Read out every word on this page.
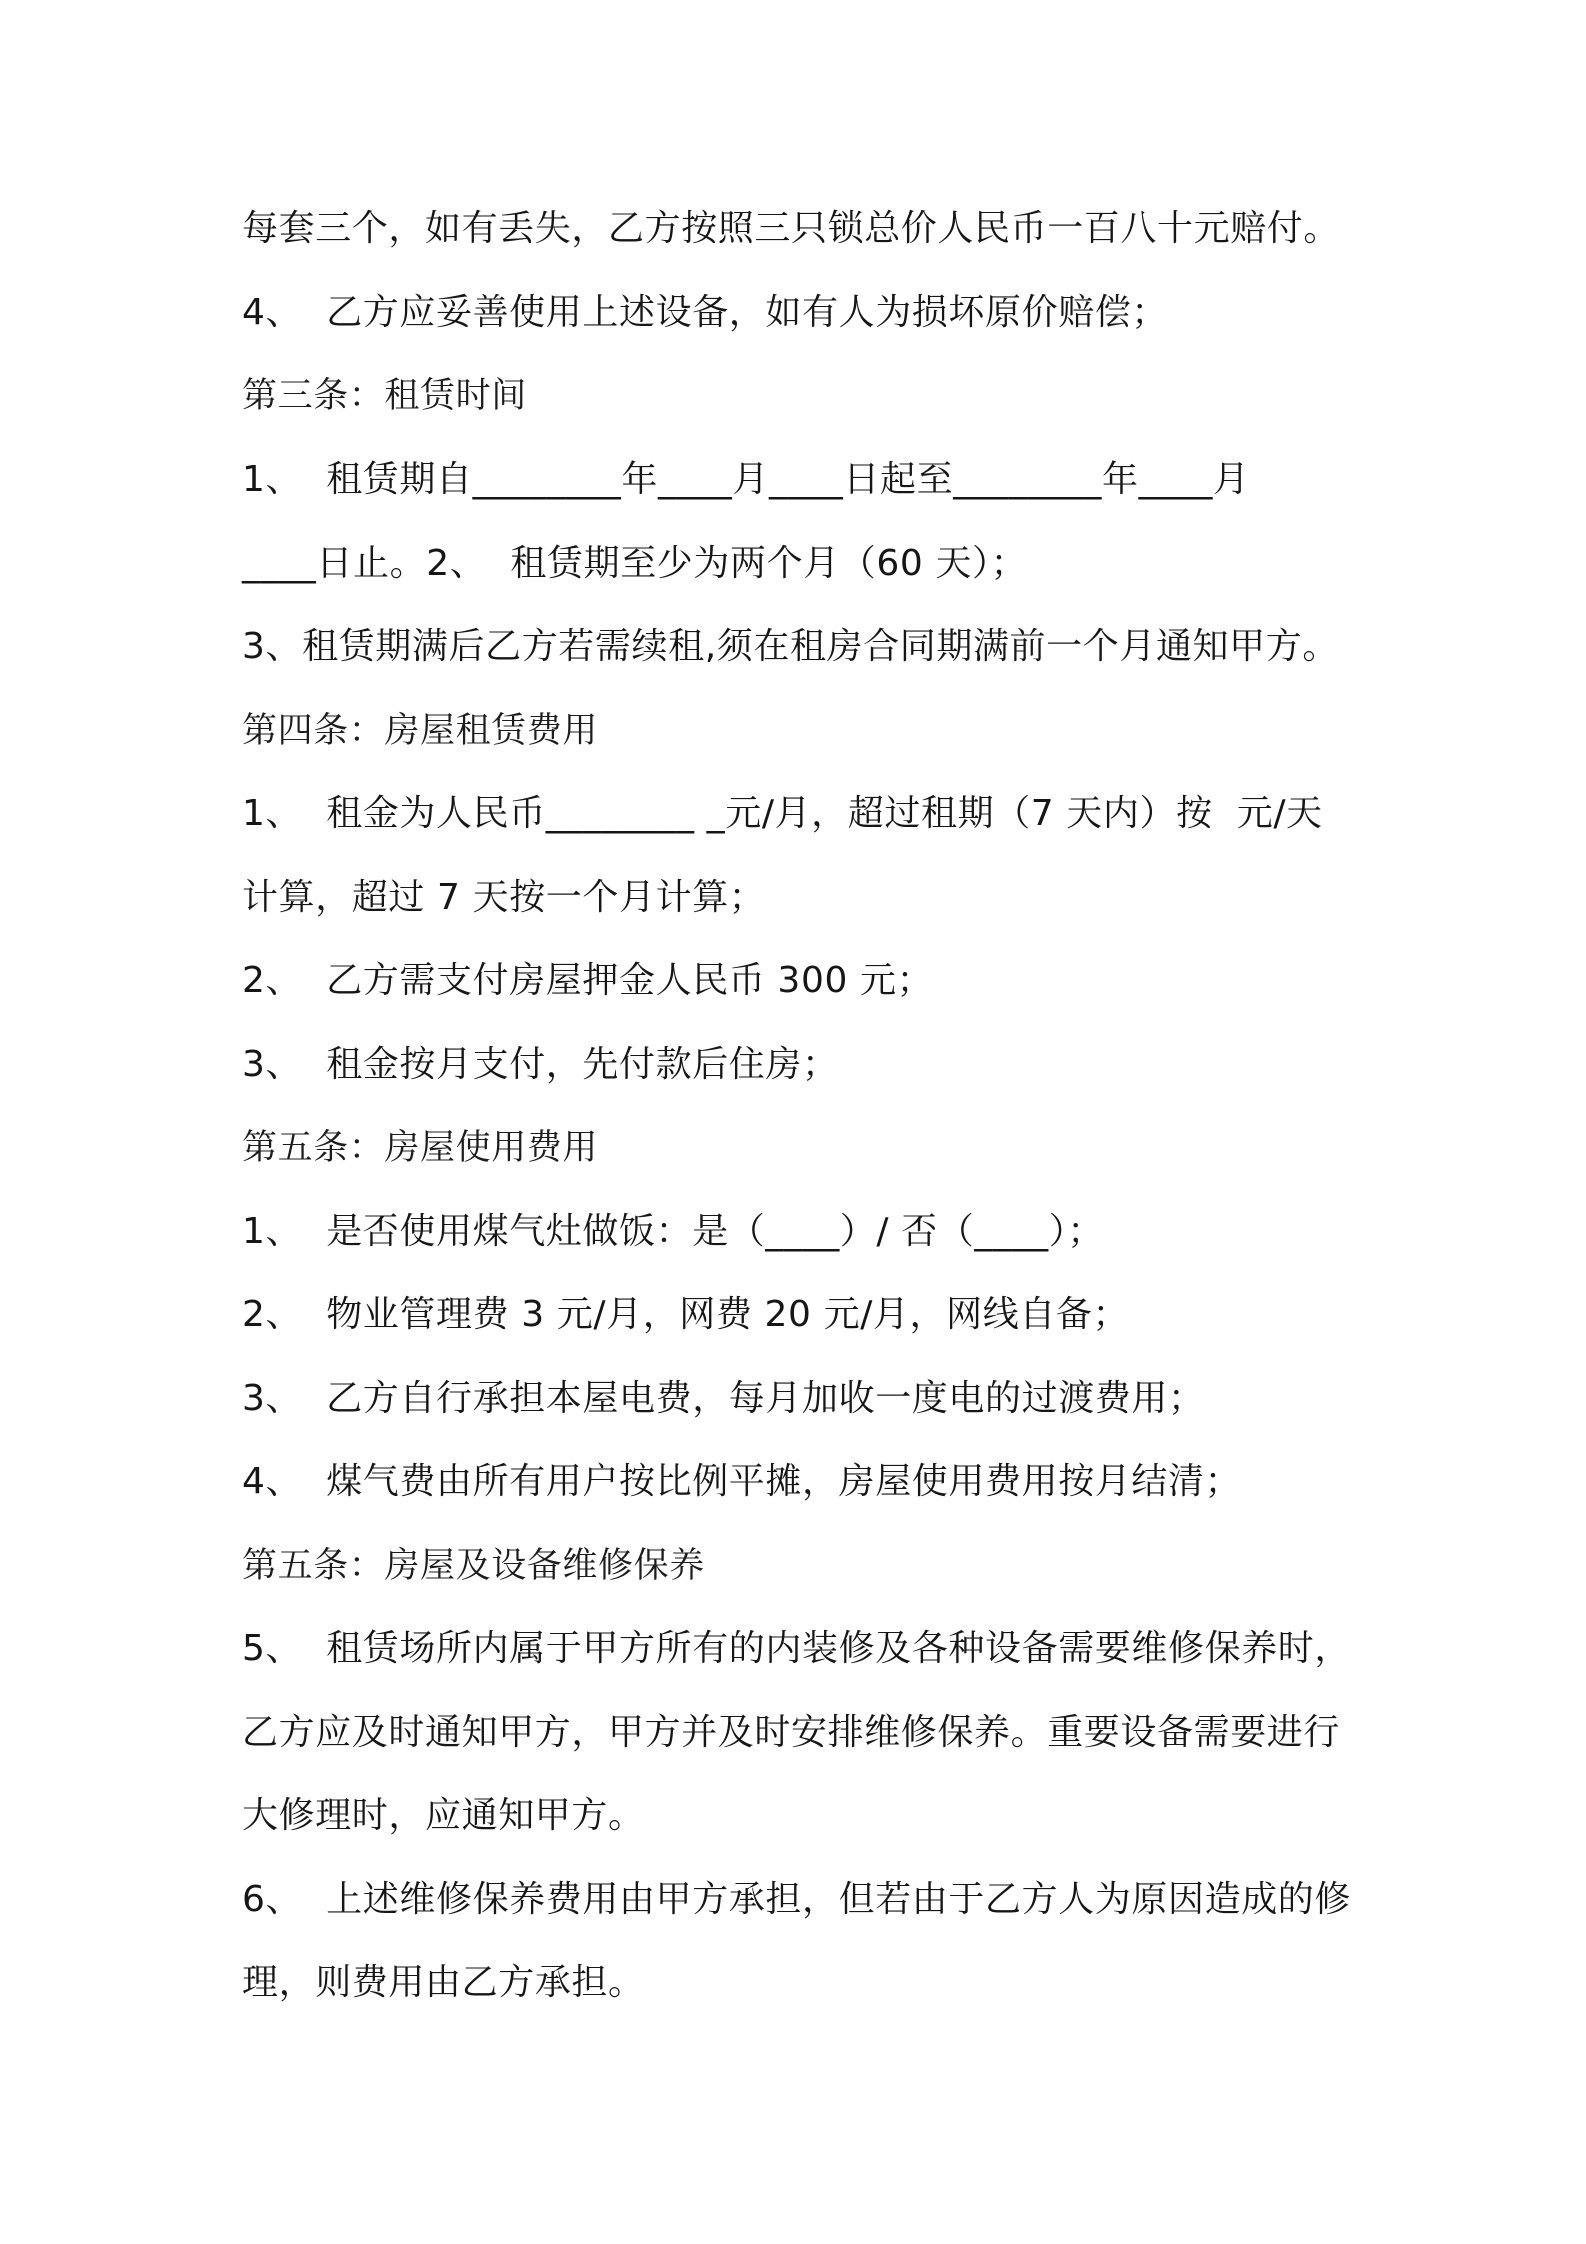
每套三个，如有丢失，乙方按照三只锁总价人民币一百八十元赔付。

4、  乙方应妥善使用上述设备，如有人为损坏原价赔偿；

第三条：租赁时间

1、  租赁期自________年____月____日起至________年____月

____日止。2、  租赁期至少为两个月（60 天）；

3、租赁期满后乙方若需续租,须在租房合同期满前一个月通知甲方。

第四条：房屋租赁费用

1、  租金为人民币________ _元/月，超过租期（7 天内）按  元/天

计算，超过 7 天按一个月计算；

2、  乙方需支付房屋押金人民币 300 元；

3、  租金按月支付，先付款后住房；

第五条：房屋使用费用

1、  是否使用煤气灶做饭：是（____）/ 否（____）；

2、  物业管理费 3 元/月，网费 20 元/月，网线自备；

3、  乙方自行承担本屋电费，每月加收一度电的过渡费用；

4、  煤气费由所有用户按比例平摊，房屋使用费用按月结清；

第五条：房屋及设备维修保养

5、  租赁场所内属于甲方所有的内装修及各种设备需要维修保养时，

乙方应及时通知甲方，甲方并及时安排维修保养。重要设备需要进行

大修理时，应通知甲方。

6、  上述维修保养费用由甲方承担，但若由于乙方人为原因造成的修

理，则费用由乙方承担。
